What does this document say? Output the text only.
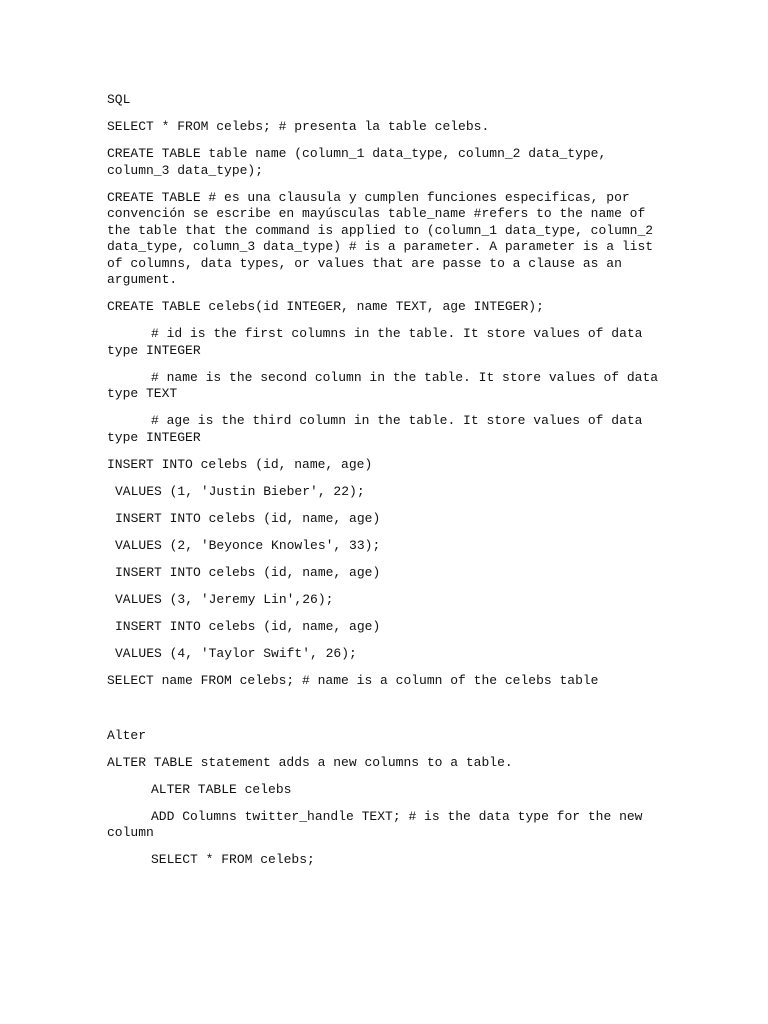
SQL

SELECT * FROM celebs; # presenta la table celebs.

CREATE TABLE table name (column_1 data_type, column_2 data_type, column_3 data_type);

CREATE TABLE # es una clausula y cumplen funciones especificas, por convención se escribe en mayúsculas table_name #refers to the name of the table that the command is applied to (column_1 data_type, column_2 data_type, column_3 data_type) # is a parameter. A parameter is a list of columns, data types, or values that are passe to a clause as an argument.

CREATE TABLE celebs(id INTEGER, name TEXT, age INTEGER);

# id is the first columns in the table. It store values of data type INTEGER

# name is the second column in the table. It store values of data type TEXT

# age is the third column in the table. It store values of data type INTEGER

INSERT INTO celebs (id, name, age)

VALUES (1, 'Justin Bieber', 22);

INSERT INTO celebs (id, name, age)

VALUES (2, 'Beyonce Knowles', 33);

INSERT INTO celebs (id, name, age)

VALUES (3, 'Jeremy Lin',26);

INSERT INTO celebs (id, name, age)

VALUES (4, 'Taylor Swift', 26);

SELECT name FROM celebs; # name is a column of the celebs table

Alter

ALTER TABLE statement adds a new columns to a table.

ALTER TABLE celebs

ADD Columns twitter_handle TEXT; # is the data type for the new column

SELECT * FROM celebs;
